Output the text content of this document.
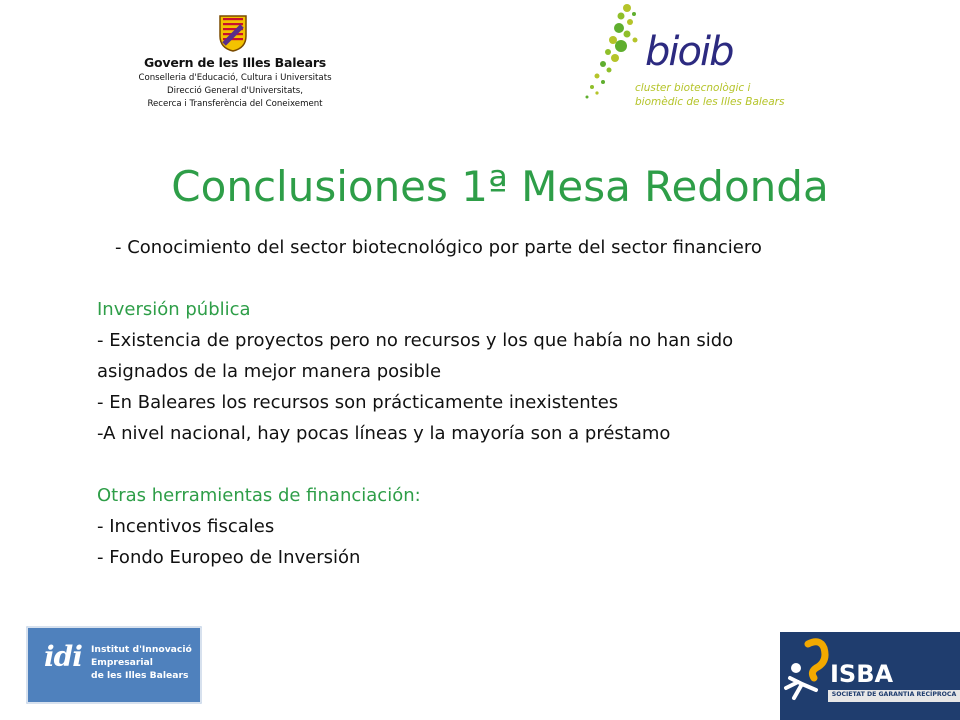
Govern de les Illes Balears
Conselleria d'Educació, Cultura i Universitats
Direcció General d'Universitats,
Recerca i Transferència del Coneixement
bioib
cluster biotecnològic i
biomèdic de les Illes Balears
Conclusiones 1ª Mesa Redonda
- Conocimiento del sector biotecnológico por parte del sector financiero
Inversión pública
- Existencia de proyectos pero no recursos y los que había no han sido
asignados de la mejor manera posible
- En Baleares los recursos son prácticamente inexistentes
-A nivel nacional, hay pocas líneas y la mayoría son a préstamo
Otras herramientas de financiación:
- Incentivos fiscales
- Fondo Europeo de Inversión
idi Institut d'Innovació
Empresarial
de les Illes Balears	ISBA
SOCIETAT DE GARANTIA RECÍPROCA
